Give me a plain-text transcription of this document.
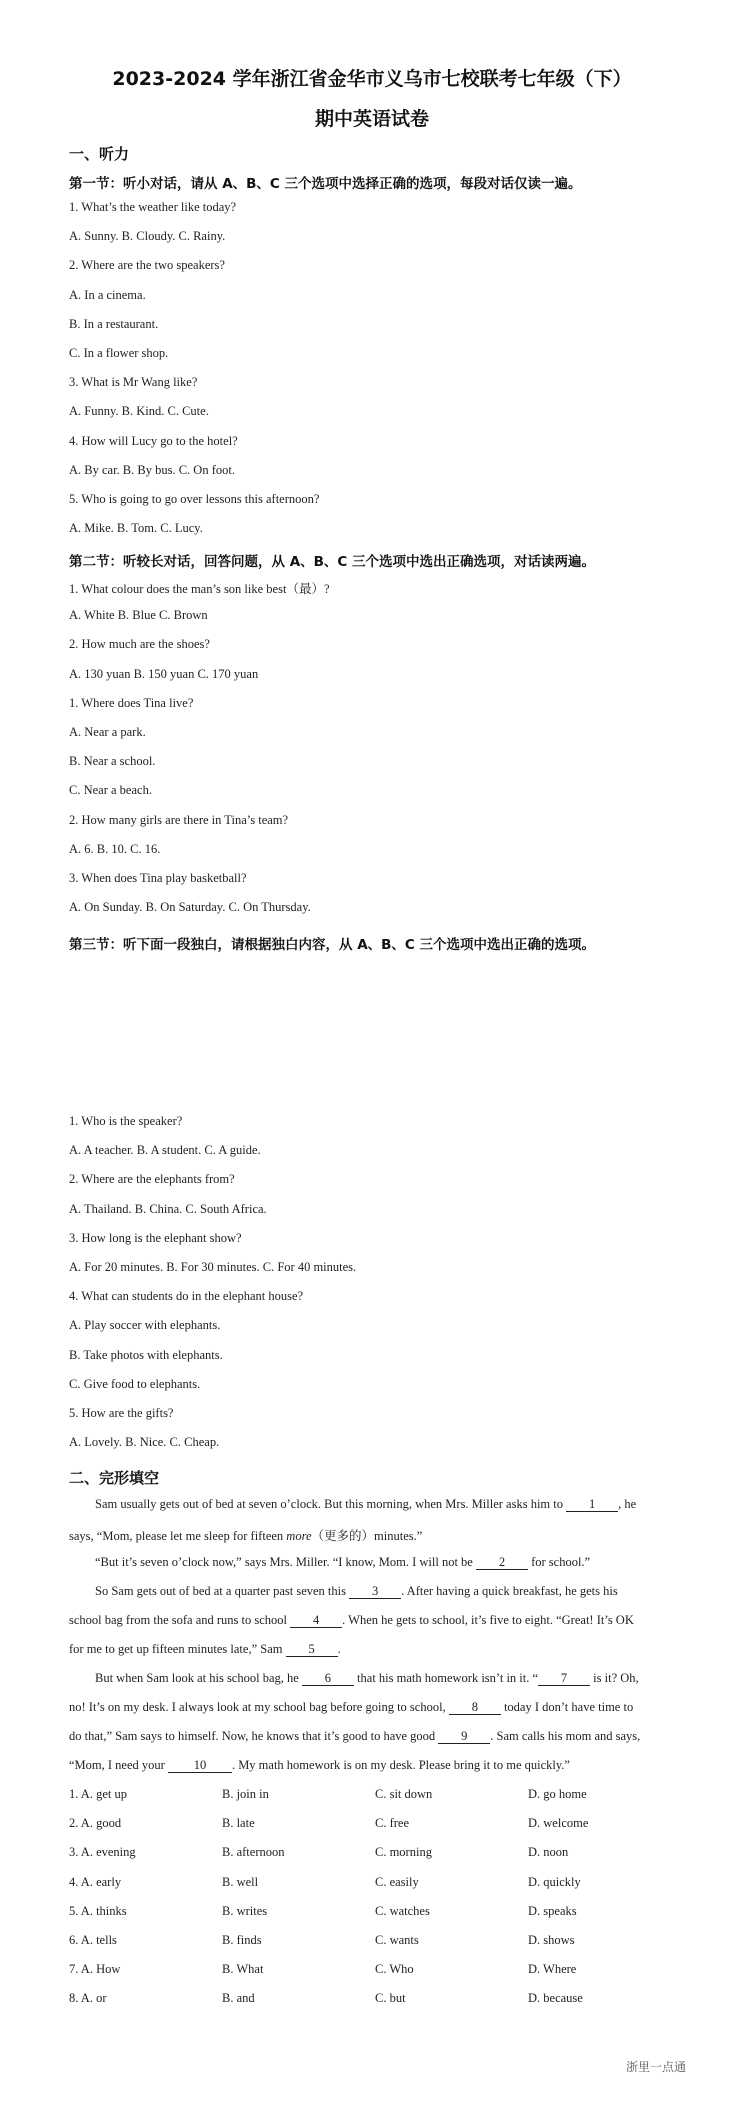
2023-2024 学年浙江省金华市义乌市七校联考七年级（下）
期中英语试卷
一、听力
第一节：听小对话，请从 A、B、C 三个选项中选择正确的选项，每段对话仅读一遍。
1. What’s the weather like today?
A. Sunny. B. Cloudy. C. Rainy.
2. Where are the two speakers?
A. In a cinema.
B. In a restaurant.
C. In a flower shop.
3. What is Mr Wang like?
A. Funny. B. Kind. C. Cute.
4. How will Lucy go to the hotel?
A. By car. B. By bus. C. On foot.
5. Who is going to go over lessons this afternoon?
A. Mike. B. Tom. C. Lucy.
第二节：听较长对话，回答问题，从 A、B、C 三个选项中选出正确选项，对话读两遍。
1. What colour does the man’s son like best（最）?
A. White B. Blue C. Brown
2. How much are the shoes?
A. 130 yuan B. 150 yuan C. 170 yuan
1. Where does Tina live?
A. Near a park.
B. Near a school.
C. Near a beach.
2. How many girls are there in Tina’s team?
A. 6. B. 10. C. 16.
3. When does Tina play basketball?
A. On Sunday. B. On Saturday. C. On Thursday.
第三节：听下面一段独白，请根据独白内容，从 A、B、C 三个选项中选出正确的选项。
1. Who is the speaker?
A. A teacher. B. A student. C. A guide.
2. Where are the elephants from?
A. Thailand. B. China. C. South Africa.
3. How long is the elephant show?
A. For 20 minutes. B. For 30 minutes. C. For 40 minutes.
4. What can students do in the elephant house?
A. Play soccer with elephants.
B. Take photos with elephants.
C. Give food to elephants.
5. How are the gifts?
A. Lovely. B. Nice. C. Cheap.
二、完形填空
Sam usually gets out of bed at seven o’clock. But this morning, when Mrs. Miller asks him to 1 , he
says, “Mom, please let me sleep for fifteen more（更多的）minutes.”
“But it’s seven o’clock now,” says Mrs. Miller. “I know, Mom. I will not be 2 for school.”
So Sam gets out of bed at a quarter past seven this 3 . After having a quick breakfast, he gets his
school bag from the sofa and runs to school 4 . When he gets to school, it’s five to eight. “Great! It’s OK
for me to get up fifteen minutes late,” Sam 5 .
But when Sam look at his school bag, he 6 that his math homework isn’t in it. “ 7 is it? Oh,
no! It’s on my desk. I always look at my school bag before going to school, 8 today I don’t have time to
do that,” Sam says to himself. Now, he knows that it’s good to have good 9 . Sam calls his mom and says,
“Mom, I need your 10 . My math homework is on my desk. Please bring it to me quickly.”
1. A. get up	B. join in	C. sit down	D. go home
2. A. good	B. late	C. free	D. welcome
3. A. evening	B. afternoon	C. morning	D. noon
4. A. early	B. well	C. easily	D. quickly
5. A. thinks	B. writes	C. watches	D. speaks
6. A. tells	B. finds	C. wants	D. shows
7. A. How	B. What	C. Who	D. Where
8. A. or	B. and	C. but	D. because
浙里一点通
